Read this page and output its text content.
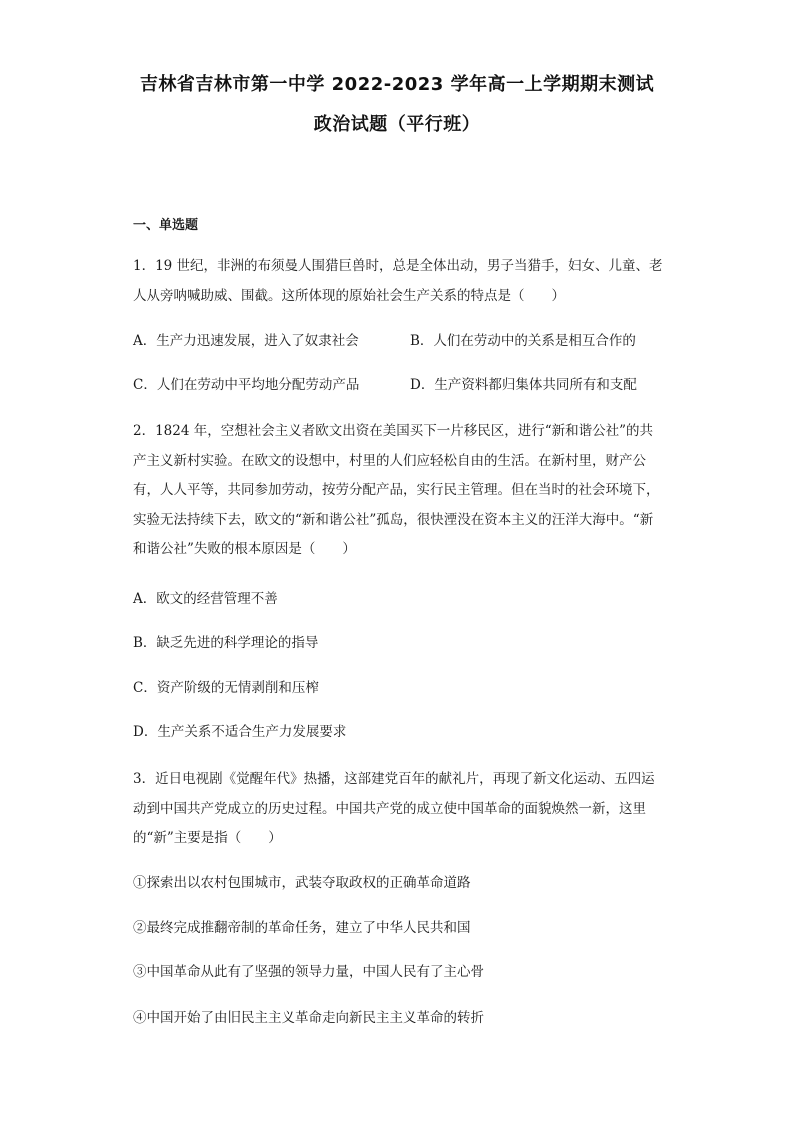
吉林省吉林市第一中学 2022-2023 学年高一上学期期末测试
政治试题（平行班）
一、单选题
1．19 世纪，非洲的布须曼人围猎巨兽时，总是全体出动，男子当猎手，妇女、儿童、老人从旁呐喊助威、围截。这所体现的原始社会生产关系的特点是（　　）
A．生产力迅速发展，进入了奴隶社会	B．人们在劳动中的关系是相互合作的
C．人们在劳动中平均地分配劳动产品	D．生产资料都归集体共同所有和支配
2．1824 年，空想社会主义者欧文出资在美国买下一片移民区，进行“新和谐公社”的共产主义新村实验。在欧文的设想中，村里的人们应轻松自由的生活。在新村里，财产公有，人人平等，共同参加劳动，按劳分配产品，实行民主管理。但在当时的社会环境下，实验无法持续下去，欧文的“新和谐公社”孤岛，很快湮没在资本主义的汪洋大海中。“新和谐公社”失败的根本原因是（　　）
A．欧文的经营管理不善
B．缺乏先进的科学理论的指导
C．资产阶级的无情剥削和压榨
D．生产关系不适合生产力发展要求
3．近日电视剧《觉醒年代》热播，这部建党百年的献礼片，再现了新文化运动、五四运动到中国共产党成立的历史过程。中国共产党的成立使中国革命的面貌焕然一新，这里的“新”主要是指（　　）
①探索出以农村包围城市，武装夺取政权的正确革命道路
②最终完成推翻帝制的革命任务，建立了中华人民共和国
③中国革命从此有了坚强的领导力量，中国人民有了主心骨
④中国开始了由旧民主主义革命走向新民主主义革命的转折
